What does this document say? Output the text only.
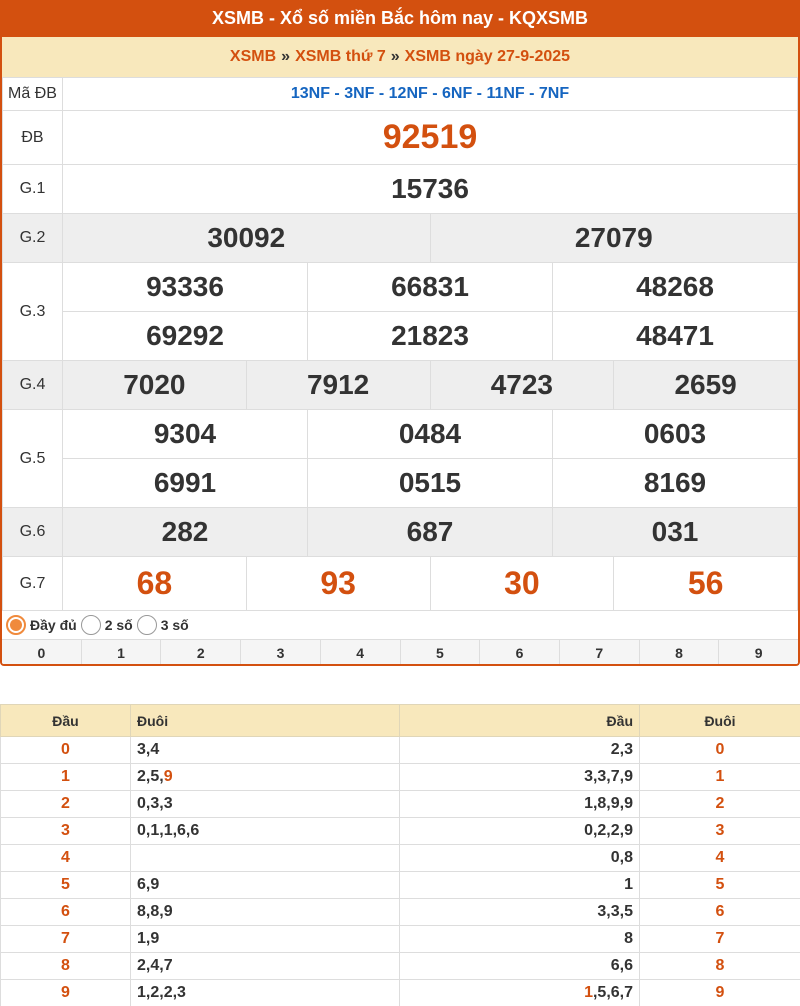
XSMB - Xổ số miền Bắc hôm nay - KQXSMB
XSMB » XSMB thứ 7 » XSMB ngày 27-9-2025
Mã ĐB	13NF - 3NF - 12NF - 6NF - 11NF - 7NF					
ĐB	92519					
G.1	15736					
G.2	30092			27079		
G.3	93336		66831		48268	
	69292		21823		48471	
G.4	7020	7912		4723		2659
G.5	9304		0484		0603	
	6991		0515		8169	
G.6	282		687		031	
G.7	68	93		30		56
Đầy đủ 2 số 3 số
0	1	2	3	4	5	6	7	8	9
Đầu	Đuôi	Đầu	Đuôi
0	3,4	2,3	0
1	2,5,9	3,3,7,9	1
2	0,3,3	1,8,9,9	2
3	0,1,1,6,6	0,2,2,9	3
4		0,8	4
5	6,9	1	5
6	8,8,9	3,3,5	6
7	1,9	8	7
8	2,4,7	6,6	8
9	1,2,2,3	1,5,6,7	9
